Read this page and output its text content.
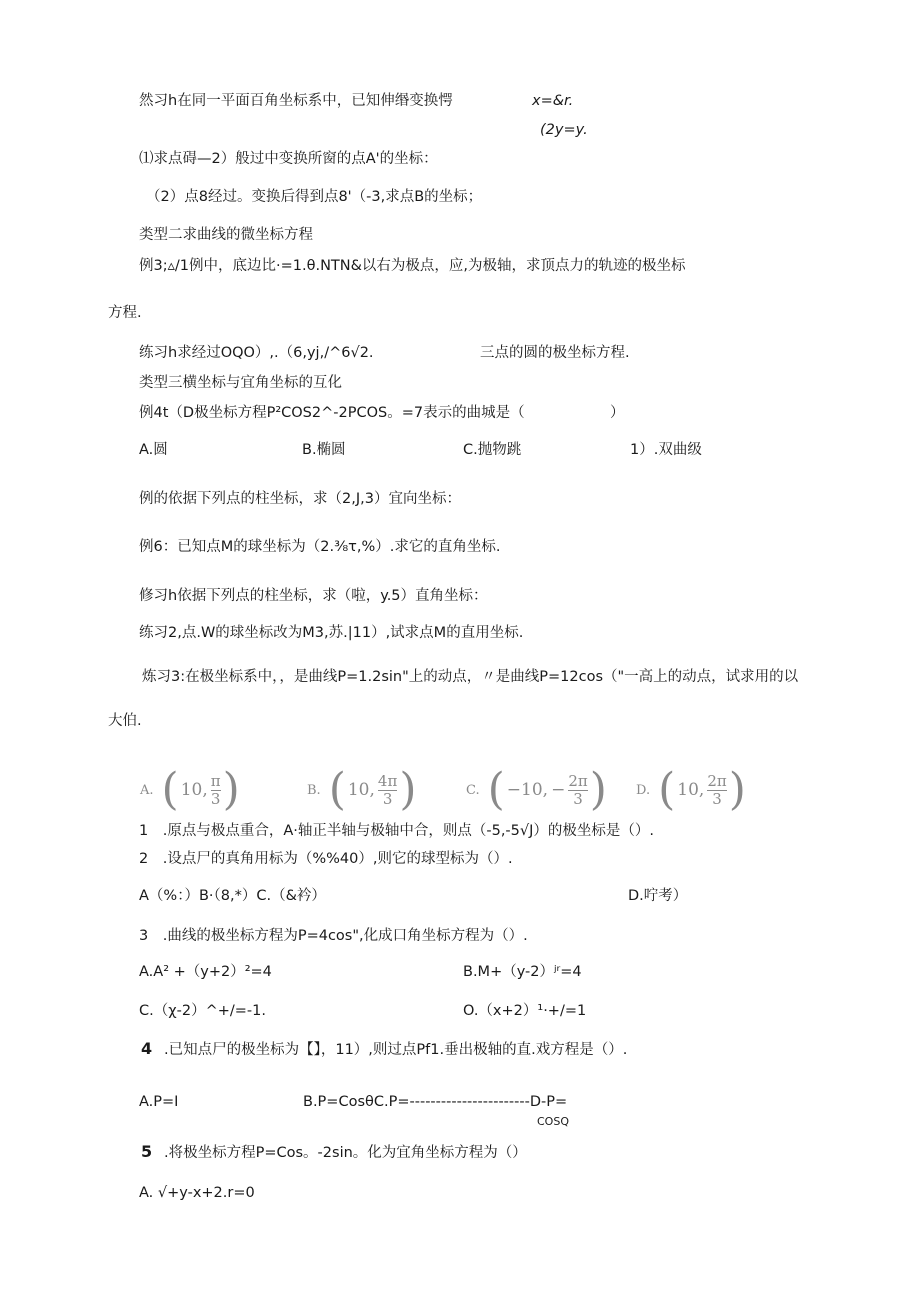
然习h在同一平面百角坐标系中，已知伸缗变换愕	x=&r.
(2y=y.
⑴求点碍—2）般过中变换所窗的点A'的坐标：
（2）点8经过。变换后得到点8'（-3,求点B的坐标；
类型二求曲线的微坐标方程
例3;▵/1例中，底边比·=1.θ.NTN&以右为极点，应,为极轴，求顶点力的轨迹的极坐标
方程.
练习h求经过OQO）,.（6,yj,/^6√2.	三点的圆的极坐标方程.
类型三横坐标与宜角坐标的互化
例4t（D极坐标方程P²COS2^-2PCOS。=7表示的曲城是（	）
A.圆	B.椭圆	C.抛物跳	1）.双曲级
例的依据下列点的柱坐标，求（2,J,3）宜向坐标：
例6：已知点M的球坐标为（2.⅜τ,%）.求它的直角坐标.
修习h依据下列点的柱坐标，求（啦，y.5）直角坐标：
练习2,点.W的球坐标改为M3,苏.|11）,试求点M的直用坐标.
炼习3:在极坐标系中，，是曲线P=1.2sin"上的动点，〃是曲线P=12cos（"一高上的动点，试求用的以
大伯.
A. ( 10, $\frac{\pi}{3}$ )	B. ( 10, $\frac{4\pi}{3}$ )	C. ( −10, − $\frac{2\pi}{3}$ ) D. ( 10, $\frac{2\pi}{3}$ )
1　.原点与极点重合，A·轴正半轴与极轴中合，则点（-5,-5√J）的极坐标是（）.
2　.设点尸的真角用标为（%%40）,则它的球型标为（）.
A（%：）B·（8,*）C.（&衿）	D.咛考）
3　.曲线的极坐标方程为P=4cos",化成口角坐标方程为（）.
A.A² +（y+2）²=4	B.M+（y-2）ʲʳ=4
C.（χ-2）^+/=-1.	O.（x+2）¹·+/=1
4 .已知点尸的极坐标为【】，11）,则过点Pf1.垂出极轴的直.戏方程是（）.
A.P=I	B.P=CosθC.P=-----------------------D-P=
COSQ
5 .将极坐标方程P=Cos。-2sin。化为宜角坐标方程为（）
A. √+y-x+2.r=0
